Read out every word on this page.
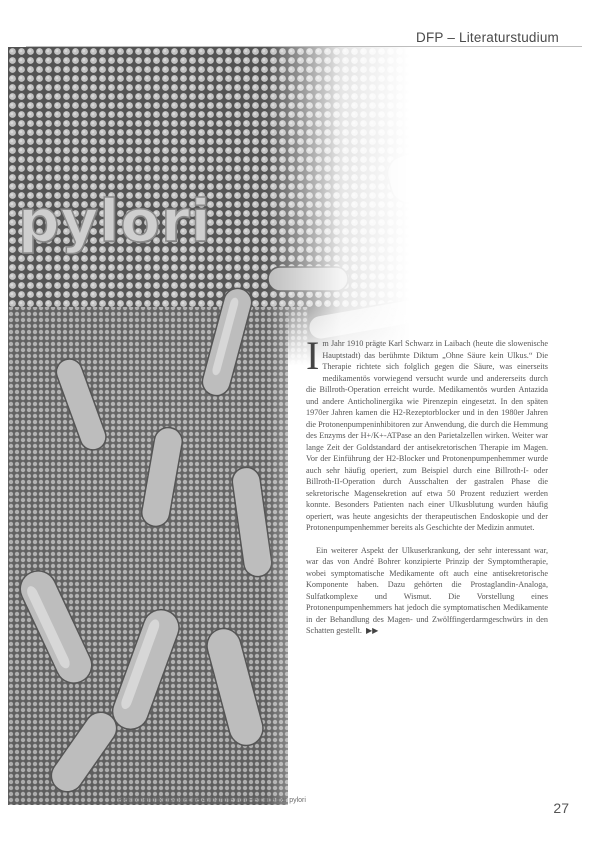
DFP – Literaturstudium
pylori

Im Jahr 1910 prägte Karl Schwarz in Laibach (heute die slowenische Hauptstadt) das berühmte Diktum „Ohne Säure kein Ulkus.“ Die Therapie richtete sich folglich gegen die Säure, was einerseits medikamentös vorwiegend versucht wurde und andererseits durch die Billroth-Operation erreicht wurde. Medikamentös wurden Antazida und andere Anticholinergika wie Pirenzepin eingesetzt. In den späten 1970er Jahren kamen die H2-Rezeptorblocker und in den 1980er Jahren die Protonenpumpeninhibitoren zur Anwendung, die durch die Hemmung des Enzyms der H+/K+-ATPase an den Parietalzellen wirken. Weiter war lange Zeit der Goldstandard der antisekretorischen Therapie im Magen. Vor der Einführung der H2-Blocker und Protonenpumpenhemmer wurde auch sehr häufig operiert, zum Beispiel durch eine Billroth-I- oder Billroth-II-Operation durch Ausschalten der gastralen Phase die sekretorische Magensekretion auf etwa 50 Prozent reduziert werden konnte. Besonders Patienten nach einer Ulkusblutung wurden häufig operiert, was heute angesichts der therapeutischen Endoskopie und der Protonenpumpenhemmer bereits als Geschichte der Medizin anmutet.

Ein weiterer Aspekt der Ulkuserkrankung, der sehr interessant war, war das von André Bohrer konzipierte Prinzip der Symptomtherapie, wobei symptomatische Medikamente oft auch eine antisekretorische Komponente haben. Dazu gehörten die Prostaglandin-Analoga, Sulfatkomplexe und Wismut. Die Vorstellung eines Protonenpumpenhemmers hat jedoch die symptomatischen Medikamente in der Behandlung des Magen- und Zwölffingerdarmgeschwürs in den Schatten gestellt. ▶▶

Elektronenmikroskopische Aufnahme von Helicobacter pylori	27
